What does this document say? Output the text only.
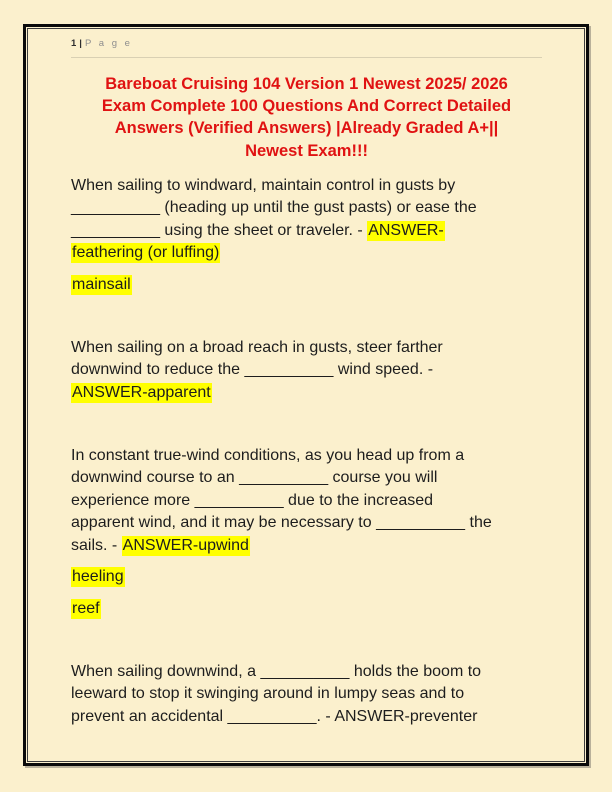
1 | P a g e
Bareboat Cruising 104 Version 1 Newest 2025/ 2026
Exam Complete 100 Questions And Correct Detailed
Answers (Verified Answers) |Already Graded A+||
Newest Exam!!!
When sailing to windward, maintain control in gusts by
__________ (heading up until the gust pasts) or ease the
__________ using the sheet or traveler. - ANSWER-
feathering (or luffing)
mainsail
When sailing on a broad reach in gusts, steer farther
downwind to reduce the __________ wind speed. -
ANSWER-apparent
In constant true-wind conditions, as you head up from a
downwind course to an __________ course you will
experience more __________ due to the increased
apparent wind, and it may be necessary to __________ the
sails. - ANSWER-upwind
heeling
reef
When sailing downwind, a __________ holds the boom to
leeward to stop it swinging around in lumpy seas and to
prevent an accidental __________. - ANSWER-preventer
